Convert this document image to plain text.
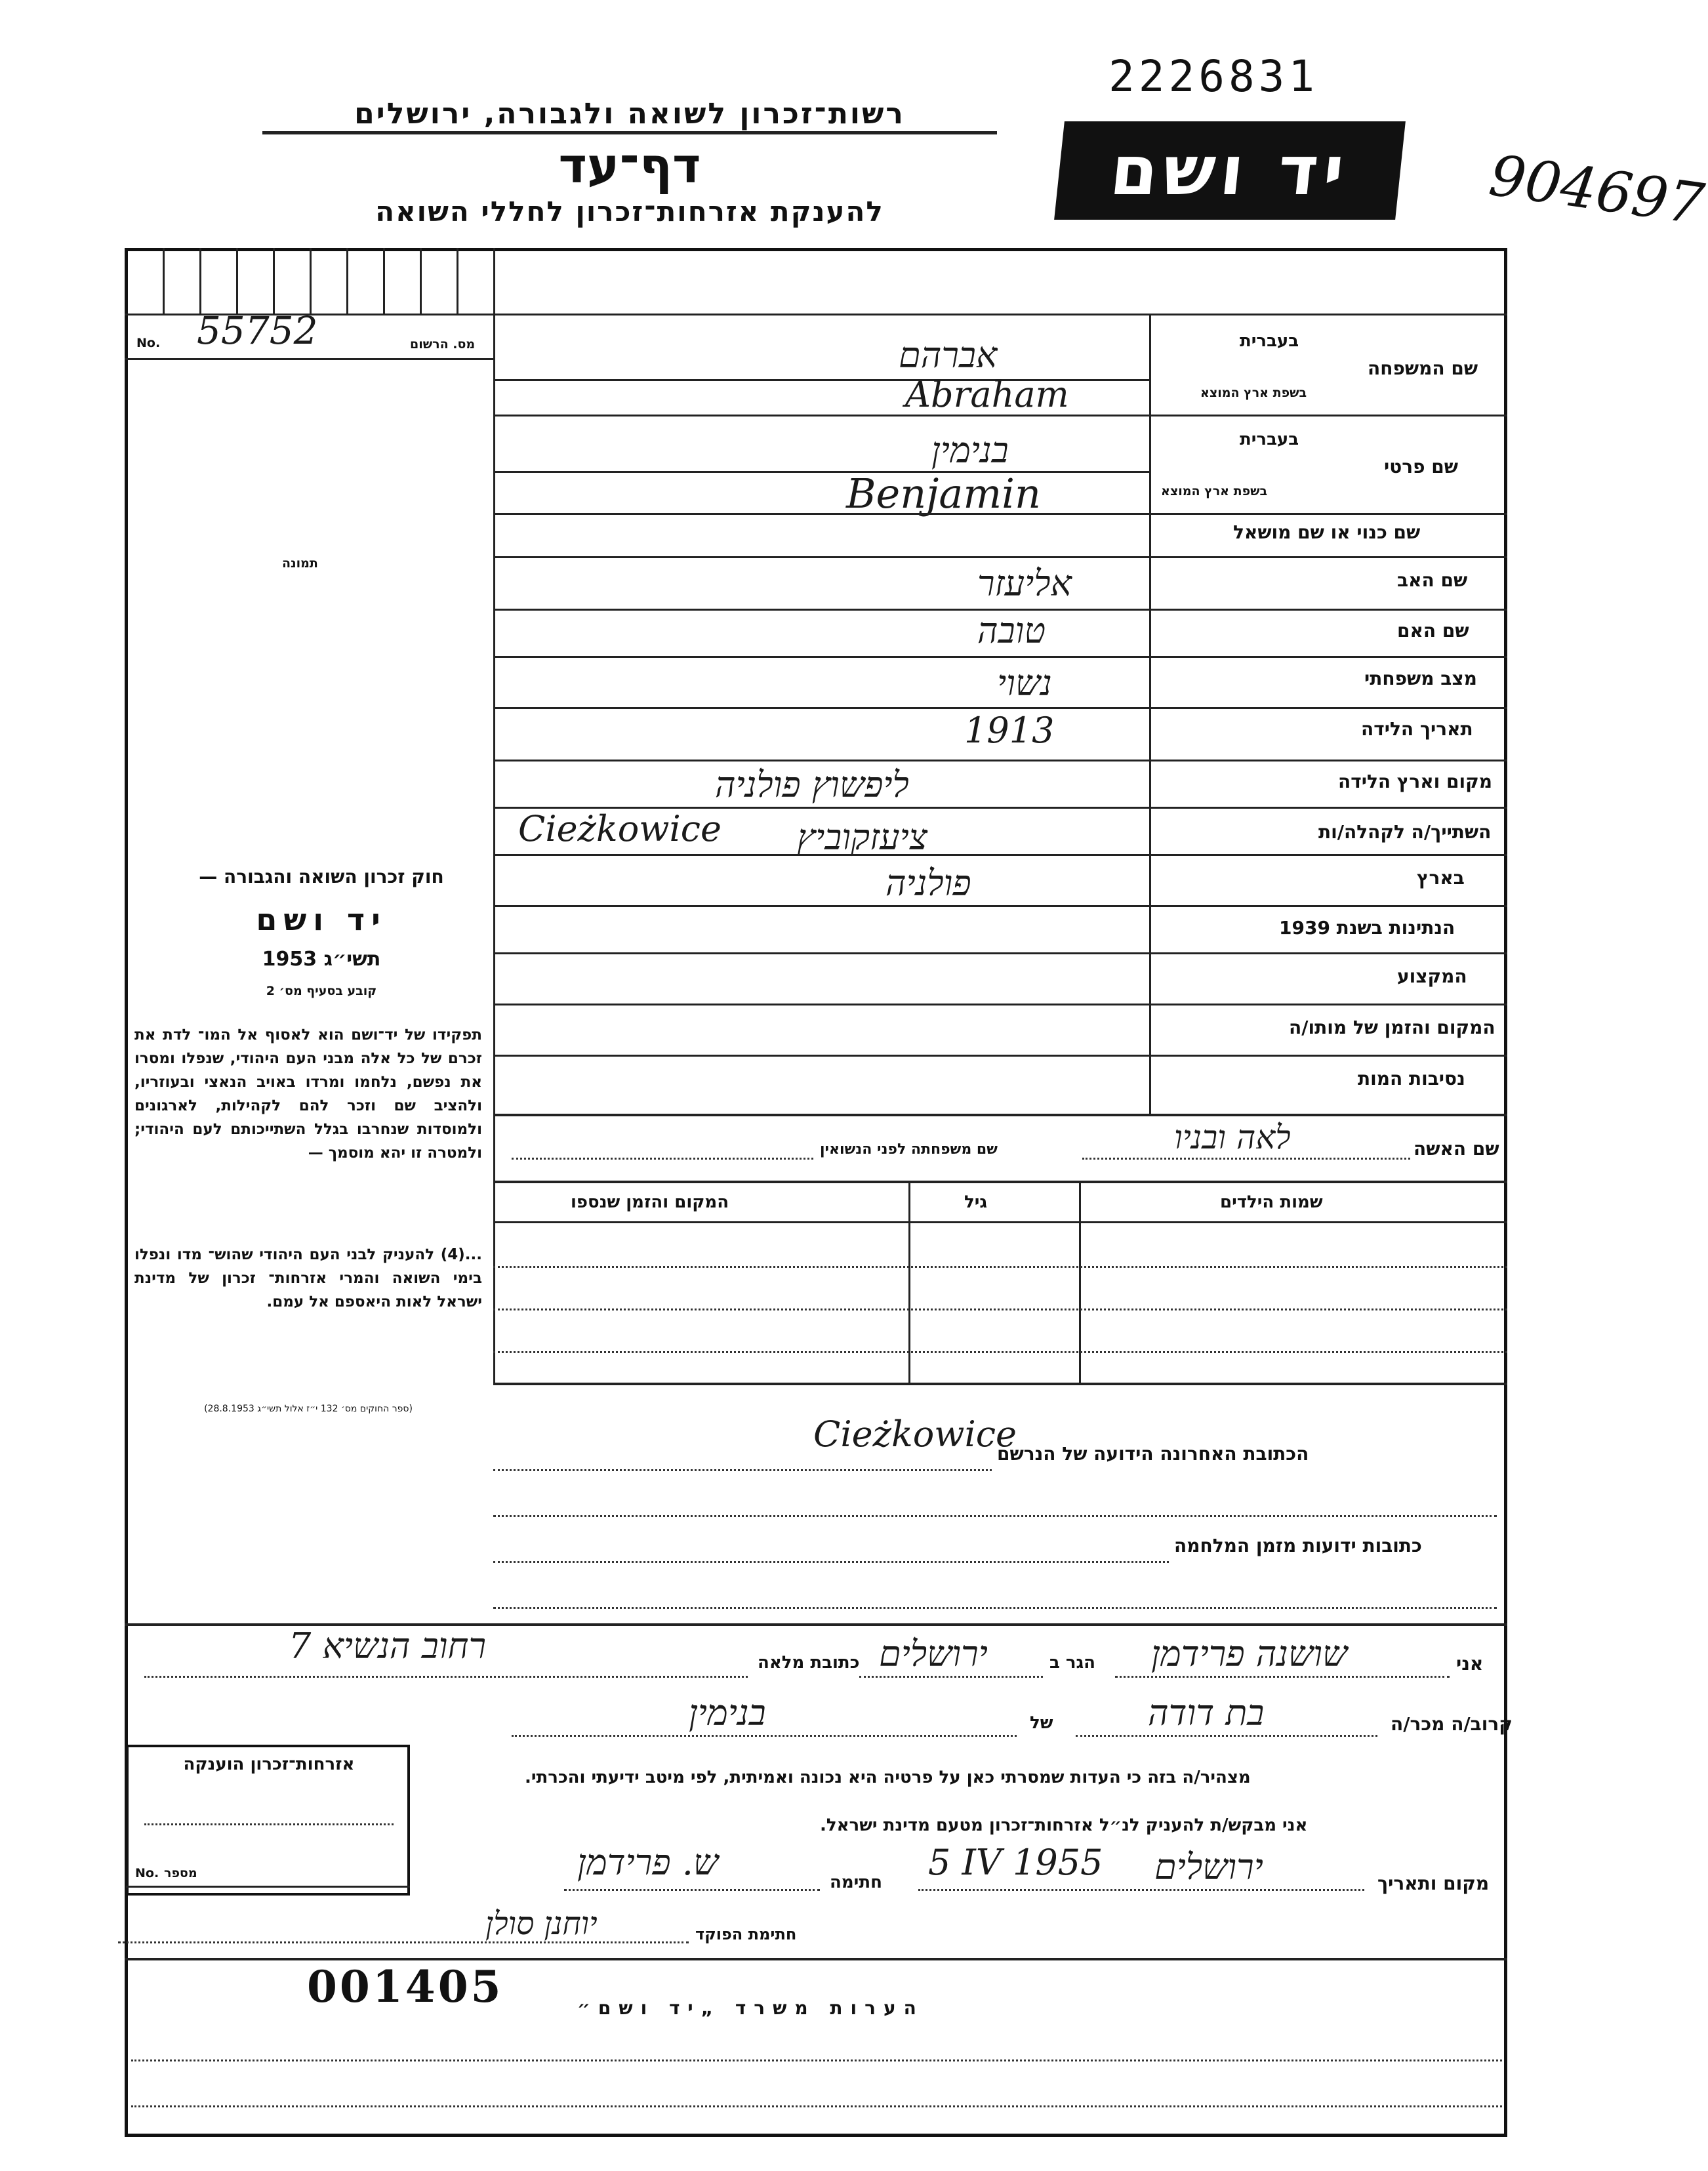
2226831
904697
רשות־זכרון לשואה ולגבורה, ירושלים
דף־עד
להענקת אזרחות־זכרון לחללי השואה
יד ושם
No.	מס. הרשום
55752
תמונה
חוק זכרון השואה והגבורה —
יד ושם
תשי״ג 1953
קובע בסעיף מס׳ 2
תפקידו של יד־ושם הוא לאסוף אל המו־ לדת את זכרם של כל אלה מבני העם היהודי, שנפלו ומסרו את נפשם, נלחמו ומרדו באויב הנאצי ובעוזריו, ולהציב שם וזכר להם לקהילות, לארגונים ולמוסדות שנחרבו בגלל השתייכותם לעם היהודי; ולמטרה זו יהא מוסמך —
...(4) להעניק לבני העם היהודי שהוש־ מדו ונפלו בימי השואה והמרי אזרחות־ זכרון של מדינת ישראל לאות היאספם אל עמם.
(ספר החוקים מס׳ 132 י״ז אלול תשי״ג 28.8.1953)
בעברית
שם המשפחה
בשפת ארץ המוצא
אברהם
Abraham
בעברית
שם פרטי
בשפת ארץ המוצא
בנימין
Benjamin
שם כנוי או שם מושאל
שם האב
אליעזר
שם האם
טובה
מצב משפחתי
נשוי
תאריך הלידה
1913
מקום וארץ הלידה
ליפשוץ פולניה
השתייך/ה לקהלה/ות
Cieżkowice ציעזקוביץ
בארץ
פולניה
הנתינות בשנת 1939
המקצוע
המקום והזמן של מותו/ה
נסיבות המות
שם האשה
לאה ובניו
שם משפחתה לפני הנשואין
שמות הילדים
גיל
המקום והזמן שנספו
הכתובת האחרונה הידועה של הנרשם
Cieżkowice
כתובות ידועות מזמן המלחמה
אני
שושנה פרידמן
הגר ב
ירושלים
כתובת מלאה
רחוב הנשיא 7
קרוב/ה מכר/ה
בת דודה
של
בנימין
מצהיר/ה בזה כי העדות שמסרתי כאן על פרטיה היא נכונה ואמיתית, לפי מיטב ידיעתי והכרתי.
אני מבקש/ת להעניק לנ״ל אזרחות־זכרון מטעם מדינת ישראל.
מקום ותאריך
ירושלים
5 IV 1955
חתימה
ש. פרידמן
חתימת הפוקד
יוחנן סולן
אזרחות־זכרון הוענקה
No. מספר
001405	הערות משרד „יד ושם״
